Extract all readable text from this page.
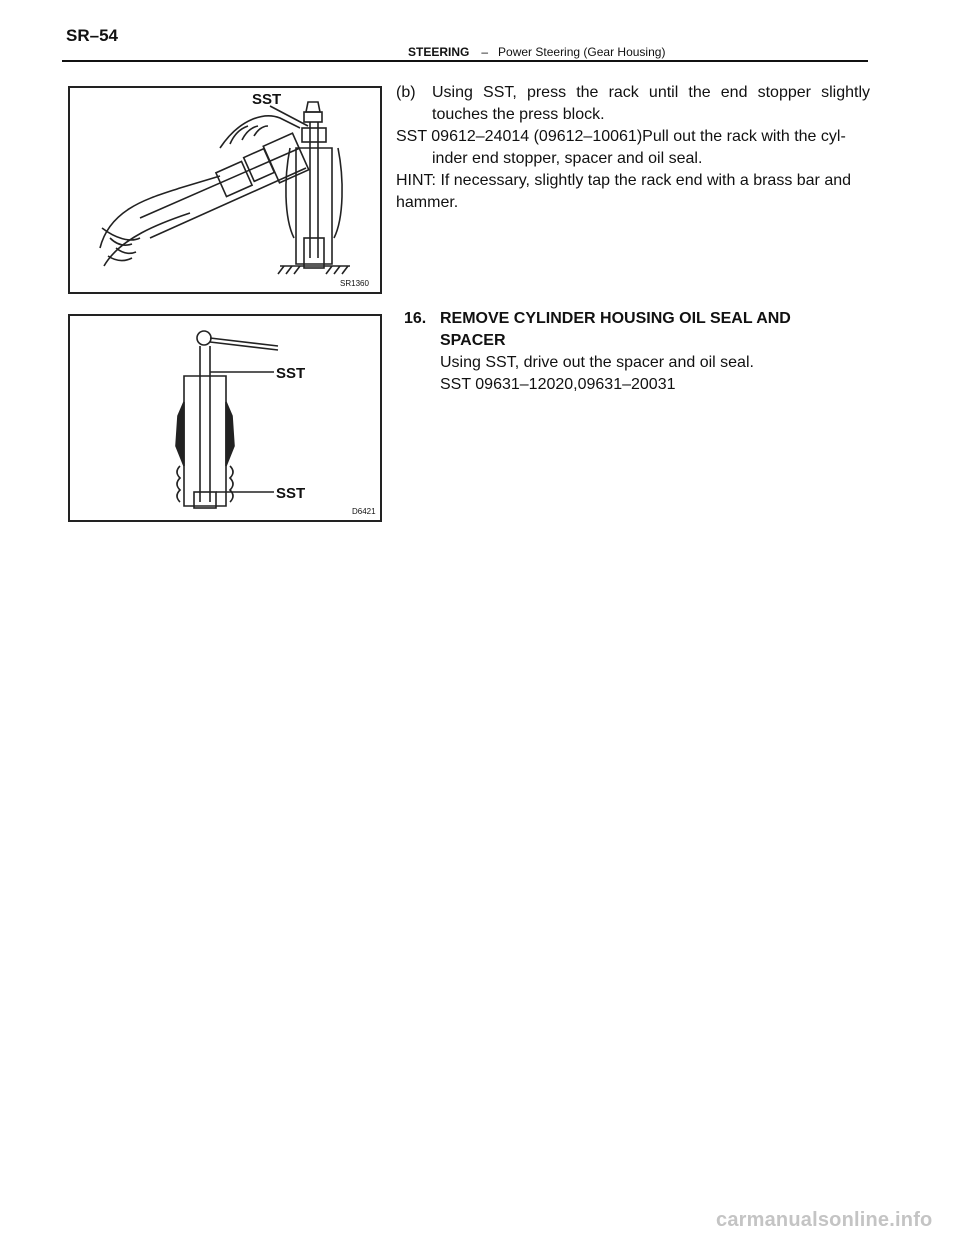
SR–54
STEERING – Power Steering (Gear Housing)
SST
SR1360
SST
SST
D6421
(b) Using SST, press the rack until the end stopper slightly
touches the press block.
SST 09612–24014 (09612–10061)Pull out the rack with the cyl-
inder end stopper, spacer and oil seal.
HINT: If necessary, slightly tap the rack end with a brass bar and
hammer.
16. REMOVE CYLINDER HOUSING OIL SEAL AND
SPACER
Using SST, drive out the spacer and oil seal.
SST 09631–12020,09631–20031
carmanualsonline.info
